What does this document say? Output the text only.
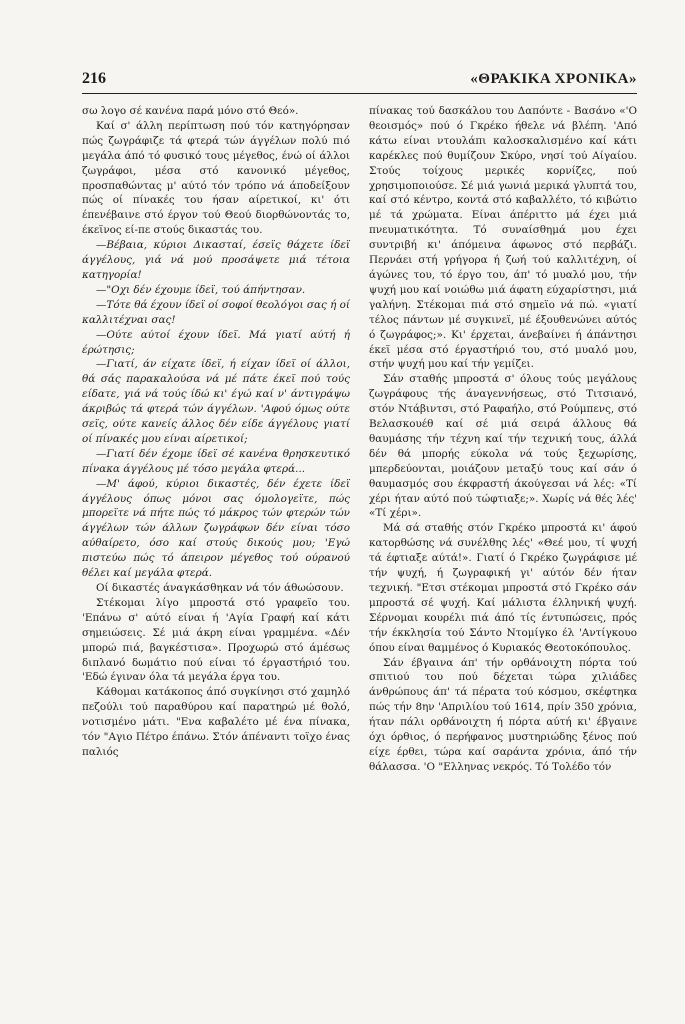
216	«ΘΡΑΚΙΚΑ ΧΡΟΝΙΚΑ»

σω λογο σέ κανένα παρά μόνο στό Θεό».

Καί σ' άλλη περίπτωση πού τόν κατηγόρησαν πώς ζωγράφιζε τά φτερά τών άγγέλων πολύ πιό μεγάλα άπό τό φυσικό τους μέγεθος, ένώ οί άλλοι ζωγράφοι, μέσα στό κανονικό μέγεθος, προσπαθώντας μ' αύτό τόν τρόπο νά άποδείξουν πώς οί πίνακές του ήσαν αίρετικοί, κι' ότι έπενέβαινε στό έργον τού Θεού διορθώνοντάς το, έκεϊνος εί-πε στούς δικαστάς του.

—Βέβαια, κύριοι Δικασταί, έσεϊς θάχετε ίδεϊ άγγέλους, γιά νά μού προσάψετε μιά τέτοια κατηγορία!

—"Οχι δέν έχουμε ίδεϊ, τού άπήντησαν.

—Τότε θά έχουν ίδεϊ οί σοφοί θεολόγοι σας ή οί καλλιτέχναι σας!

—Ούτε αύτοί έχουν ίδεϊ. Μά γιατί αύτή ή έρώτησις;

—Γιατί, άν είχατε ίδεϊ, ή είχαν ίδεϊ οί άλλοι, θά σάς παρακαλούσα νά μέ πάτε έκεϊ πού τούς είδατε, γιά νά τούς ίδώ κι' έγώ καί ν' άντιγράψω άκριβώς τά φτερά τών άγγέλων. 'Αφού όμως ούτε σεϊς, ούτε κανείς άλλος δέν είδε άγγέλους γιατί οί πίνακές μου είναι αίρετικοί;

—Γιατί δέν έχομε ίδεϊ σέ κανένα θρησκευτικό πίνακα άγγέλους μέ τόσο μεγάλα φτερά...

—Μ' άφού, κύριοι δικαστές, δέν έχετε ίδεϊ άγγέλους όπως μόνοι σας όμολογεϊτε, πώς μπορεϊτε νά πήτε πώς τό μάκρος τών φτερών τών άγγέλων τών άλλων ζωγράφων δέν είναι τόσο αύθαίρετο, όσο καί στούς δικούς μου; 'Εγώ πιστεύω πώς τό άπειρον μέγεθος τού ούρανού θέλει καί μεγάλα φτερά.

Οί δικαστές άναγκάσθηκαν νά τόν άθωώσουν.

Στέκομαι λίγο μπροστά στό γραφεϊο του. 'Επάνω σ' αύτό είναι ή 'Αγία Γραφή καί κάτι σημειώσεις. Σέ μιά άκρη είναι γραμμένα. «Δέν μπορώ πιά, βαγκέστισα». Προχωρώ στό άμέσως διπλανό δωμάτιο πού είναι τό έργαστήριό του. 'Εδώ έγιναν όλα τά μεγάλα έργα του.

Κάθομαι κατάκοπος άπό συγκίνησι στό χαμηλό πεζούλι τού παραθύρου καί παρατηρώ μέ θολό, νοτισμένο μάτι. "Ενα καβαλέτο μέ ένα πίνακα, τόν "Αγιο Πέτρο έπάνω. Στόν άπέναντι τοϊχο ένας παλιός

πίνακας τού δασκάλου του Δαπόντε - Βασάνο «'Ο θεοισμός» πού ό Γκρέκο ήθελε νά βλέπη. 'Από κάτω είναι ντουλάπι καλοσκαλισμένο καί κάτι καρέκλες πού θυμίζουν Σκύρο, νησί τού Αίγαίου. Στούς τοίχους μερικές κορνίζες, πού χρησιμοποιούσε. Σέ μιά γωνιά μερικά γλυπτά του, καί στό κέντρο, κοντά στό καβαλλέτο, τό κιβώτιο μέ τά χρώματα. Είναι άπέριττο μά έχει μιά πνευματικότητα. Τό συναίσθημά μου έχει συντριβή κι' άπόμεινα άφωνος στό περβάζι. Περνάει στή γρήγορα ή ζωή τού καλλιτέχνη, οί άγώνες του, τό έργο του, άπ' τό μυαλό μου, τήν ψυχή μου καί νοιώθω μιά άφατη εύχαρίστησι, μιά γαλήνη. Στέκομαι πιά στό σημεϊο νά πώ. «γιατί τέλος πάντων μέ συγκινεϊ, μέ έξουθενώνει αύτός ό ζωγράφος;». Κι' έρχεται, άνεβαίνει ή άπάντησι έκεϊ μέσα στό έργαστήριό του, στό μυαλό μου, στήν ψυχή μου καί τήν γεμίζει.

Σάν σταθής μπροστά σ' όλους τούς μεγάλους ζωγράφους τής άναγεννήσεως, στό Τιτσιανό, στόν Ντάβιντσι, στό Ραφαήλο, στό Ρούμπενς, στό Βελασκουέθ καί σέ μιά σειρά άλλους θά θαυμάσης τήν τέχνη καί τήν τεχνική τους, άλλά δέν θά μπορής εύκολα νά τούς ξεχωρίσης, μπερδεύονται, μοιάζουν μεταξύ τους καί σάν ό θαυμασμός σου έκφραστή άκούγεσαι νά λές: «Τί χέρι ήταν αύτό πού τώφτιαξε;». Χωρίς νά θές λές' «Τί χέρι».

Μά σά σταθής στόν Γκρέκο μπροστά κι' άφού κατορθώσης νά συνέλθης λές' «Θεέ μου, τί ψυχή τά έφτιαξε αύτά!». Γιατί ό Γκρέκο ζωγράφισε μέ τήν ψυχή, ή ζωγραφική γι' αύτόν δέν ήταν τεχνική. "Ετσι στέκομαι μπροστά στό Γκρέκο σάν μπροστά σέ ψυχή. Καί μάλιστα έλληνική ψυχή. Σέρνομαι κουρέλι πιά άπό τίς έντυπώσεις, πρός τήν έκκλησία τού Σάντο Ντομίγκο έλ 'Αντίγκουο όπου είναι θαμμένος ό Κυριακός Θεοτοκόπουλος.

Σάν έβγαινα άπ' τήν ορθάνοιχτη πόρτα τού σπιτιού του πού δέχεται τώρα χιλιάδες άνθρώπους άπ' τά πέρατα τού κόσμου, σκέφτηκα πώς τήν 8ην 'Απριλίου τού 1614, πρίν 350 χρόνια, ήταν πάλι ορθάνοιχτη ή πόρτα αύτή κι' έβγαινε όχι όρθιος, ό περήφανος μυστηριώδης ξένος πού είχε έρθει, τώρα καί σαράντα χρόνια, άπό τήν θάλασσα. 'Ο "Ελληνας νεκρός. Τό Τολέδο τόν
